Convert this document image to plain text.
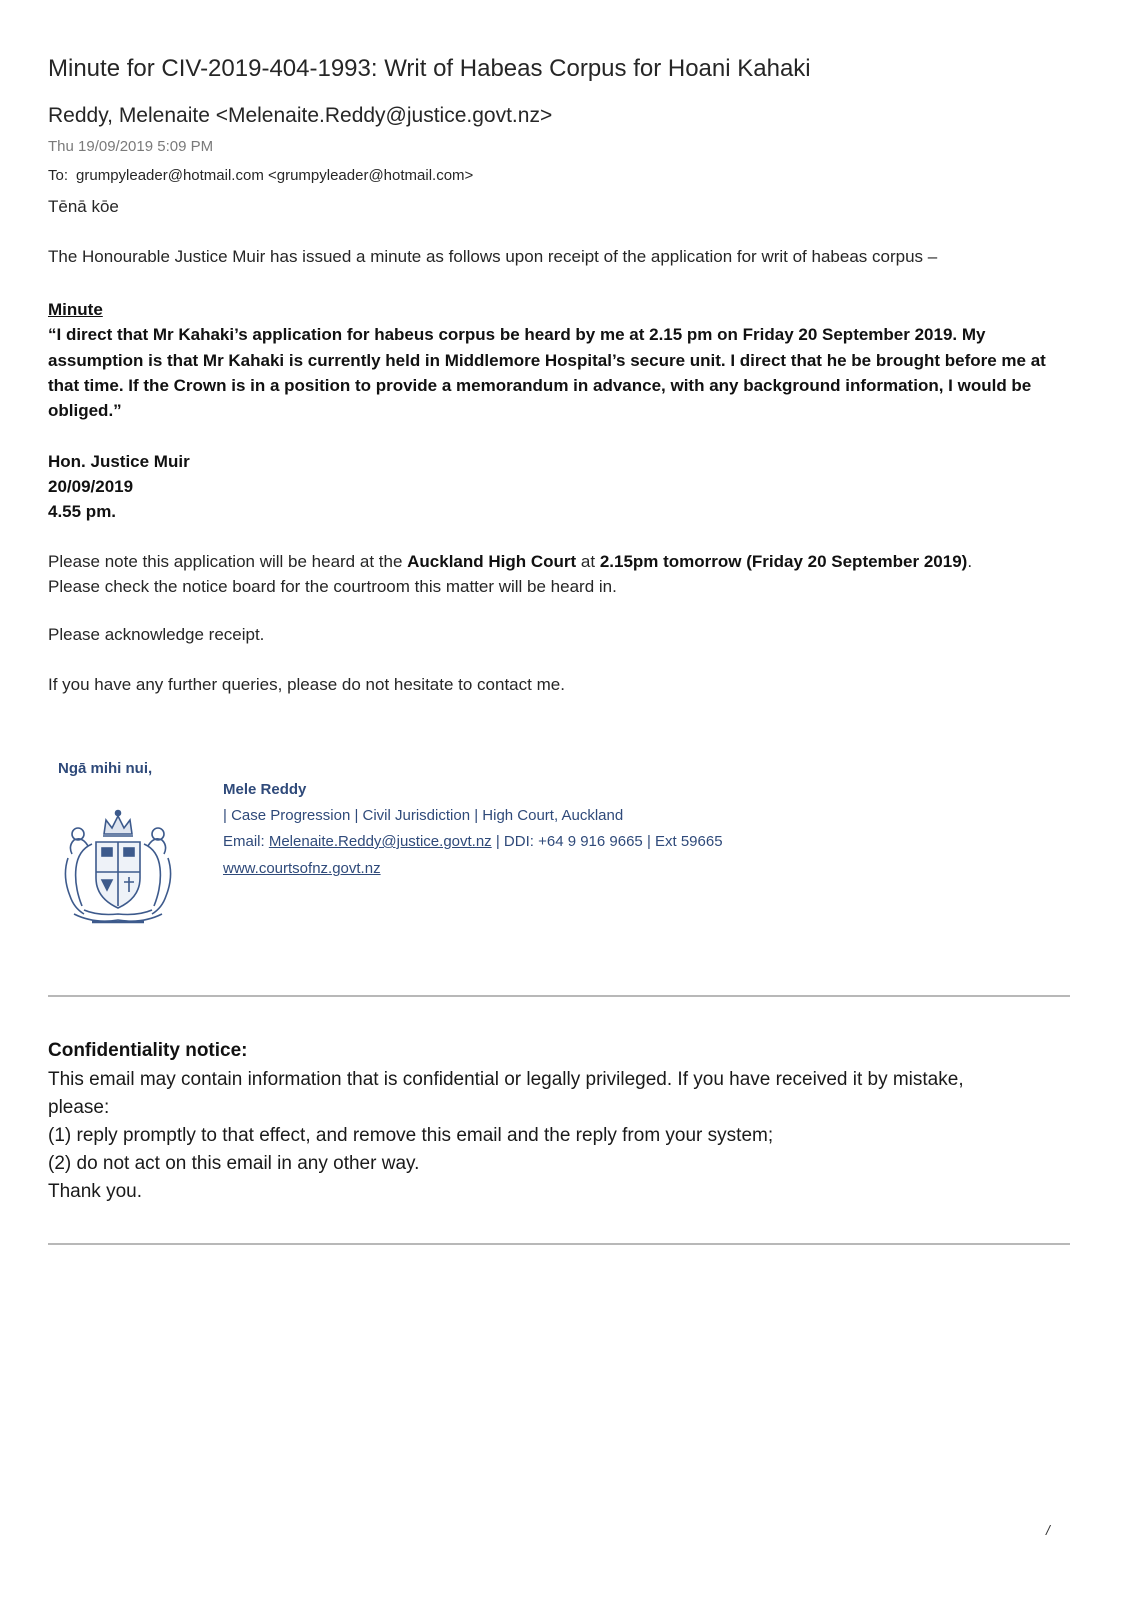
Minute for CIV-2019-404-1993: Writ of Habeas Corpus for Hoani Kahaki
Reddy, Melenaite <Melenaite.Reddy@justice.govt.nz>
Thu 19/09/2019 5:09 PM
To: grumpyleader@hotmail.com <grumpyleader@hotmail.com>
Tēnā kōe
The Honourable Justice Muir has issued a minute as follows upon receipt of the application for writ of habeas corpus –
Minute
“I direct that Mr Kahaki’s application for habeus corpus be heard by me at 2.15 pm on Friday 20 September 2019. My assumption is that Mr Kahaki is currently held in Middlemore Hospital’s secure unit. I direct that he be brought before me at that time. If the Crown is in a position to provide a memorandum in advance, with any background information, I would be obliged.”
Hon. Justice Muir
20/09/2019
4.55 pm.
Please note this application will be heard at the Auckland High Court at 2.15pm tomorrow (Friday 20 September 2019).
Please check the notice board for the courtroom this matter will be heard in.
Please acknowledge receipt.
If you have any further queries, please do not hesitate to contact me.
Ngā mihi nui,
Mele Reddy
| Case Progression | Civil Jurisdiction | High Court, Auckland
Email: Melenaite.Reddy@justice.govt.nz | DDI: +64 9 916 9665 | Ext 59665
www.courtsofnz.govt.nz
Confidentiality notice:
This email may contain information that is confidential or legally privileged. If you have received it by mistake,
please:
(1) reply promptly to that effect, and remove this email and the reply from your system;
(2) do not act on this email in any other way.
Thank you.
/
